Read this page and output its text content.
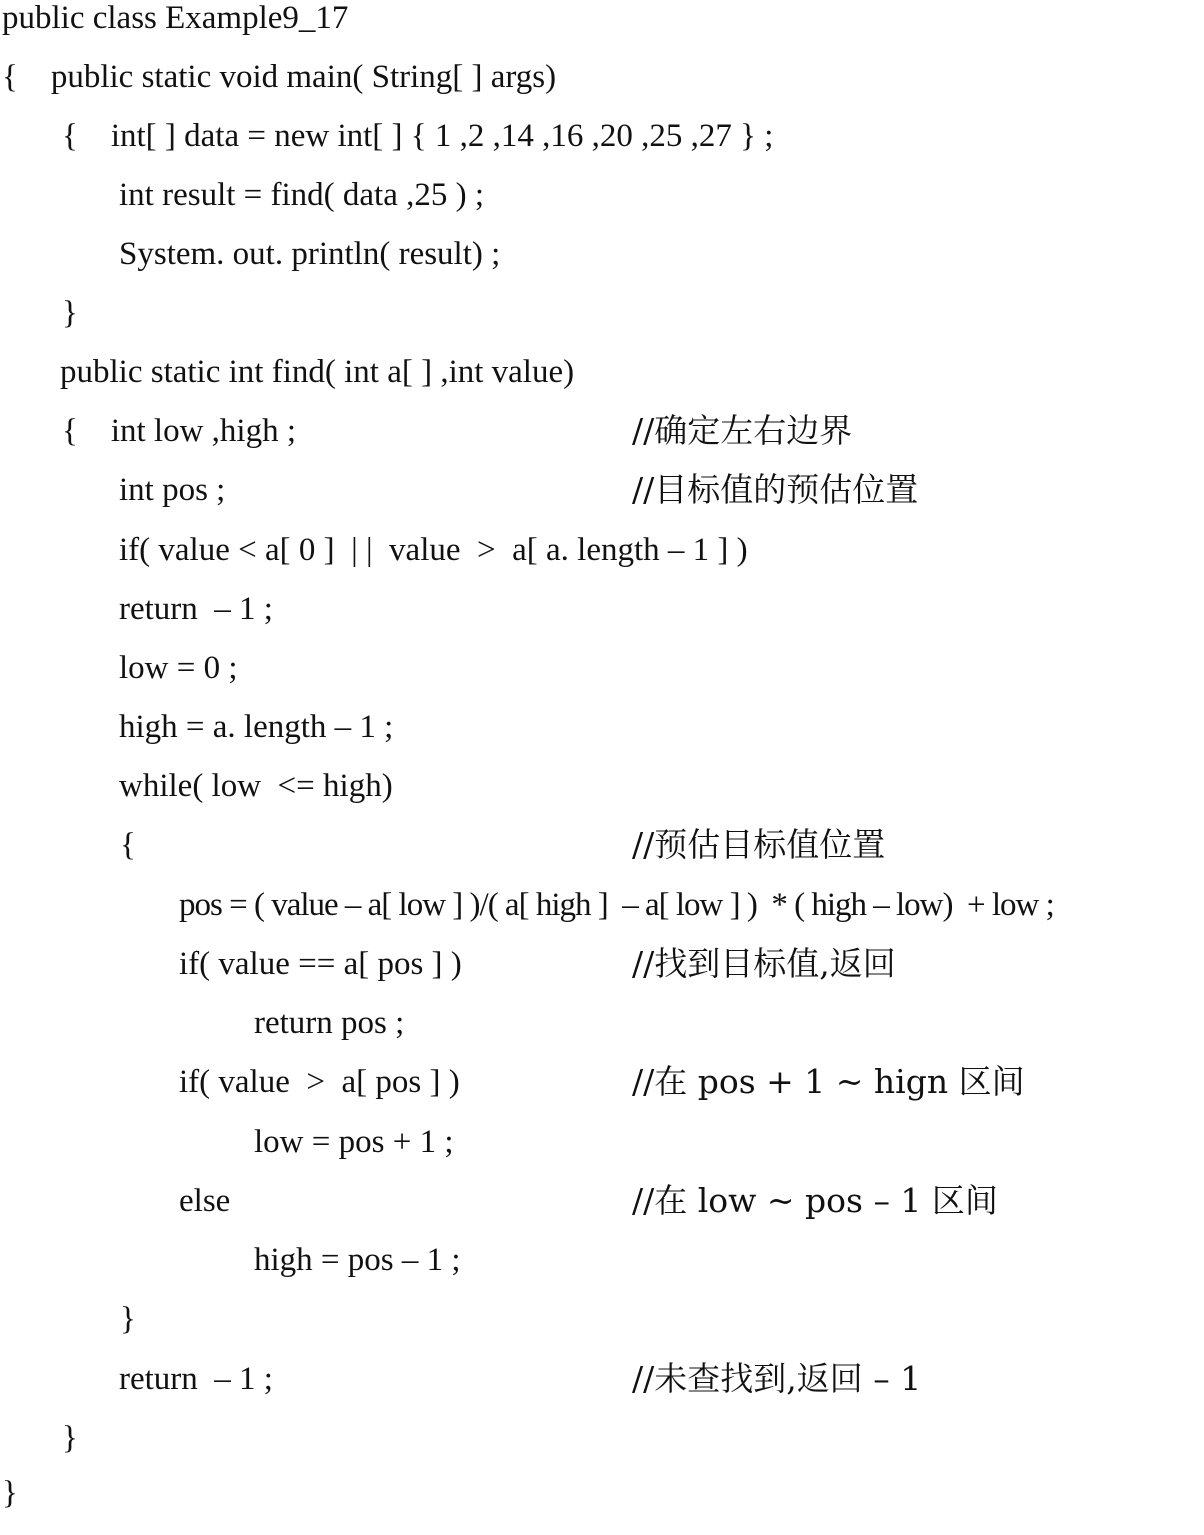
public class Example9_17
{    public static void main( String[ ] args)
{    int[ ] data = new int[ ] { 1 ,2 ,14 ,16 ,20 ,25 ,27 } ;
int result = find( data ,25 ) ;
System. out. println( result) ;
}
public static int find( int a[ ] ,int value)
{    int low ,high ;	//确定左右边界
int pos ;	//目标值的预估位置
if( value < a[ 0 ]  | |  value  >  a[ a. length – 1 ] )
return  – 1 ;
low = 0 ;
high = a. length – 1 ;
while( low  <= high)
{	//预估目标值位置
pos = ( value – a[ low ] )/( a[ high ]  – a[ low ] )  * ( high – low)  + low ;
if( value == a[ pos ] )	//找到目标值,返回
return pos ;
if( value  >  a[ pos ] )	//在 pos + 1 ~ hign 区间
low = pos + 1 ;
else	//在 low ~ pos – 1 区间
high = pos – 1 ;
}
return  – 1 ;	//未查找到,返回 – 1
}
}
